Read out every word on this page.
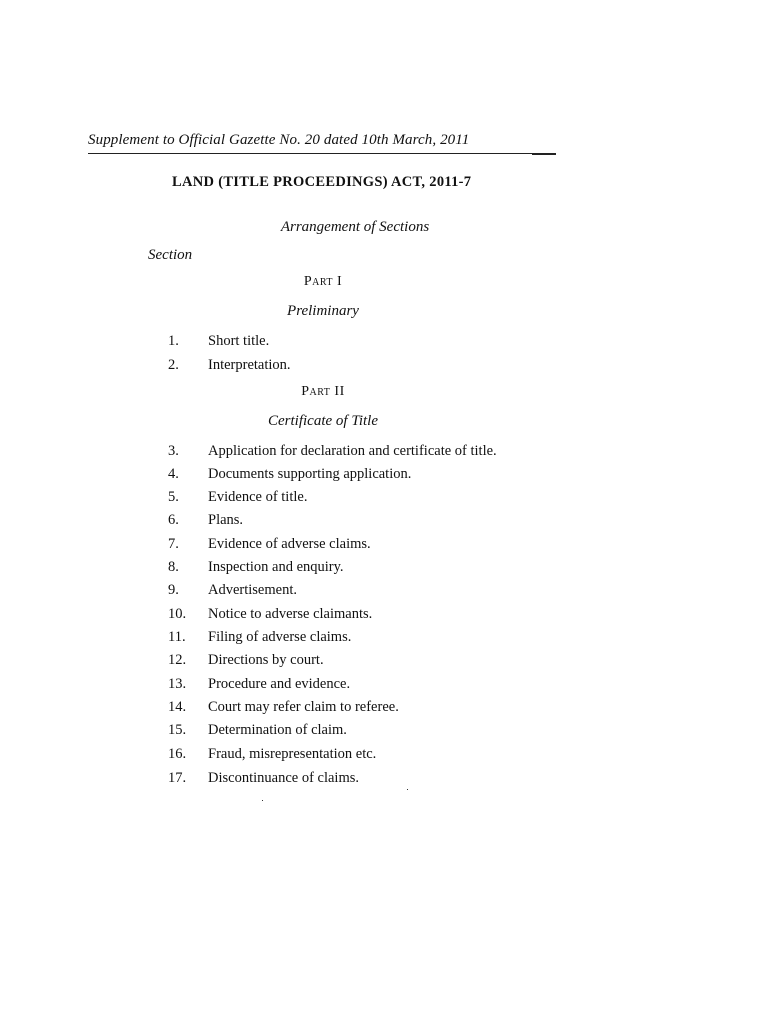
Supplement to Official Gazette No. 20 dated 10th March, 2011
LAND (TITLE PROCEEDINGS) ACT, 2011-7
Arrangement of Sections
Section
Part I
Preliminary
1. Short title.
2. Interpretation.
Part II
Certificate of Title
3. Application for declaration and certificate of title.
4. Documents supporting application.
5. Evidence of title.
6. Plans.
7. Evidence of adverse claims.
8. Inspection and enquiry.
9. Advertisement.
10. Notice to adverse claimants.
11. Filing of adverse claims.
12. Directions by court.
13. Procedure and evidence.
14. Court may refer claim to referee.
15. Determination of claim.
16. Fraud, misrepresentation etc.
17. Discontinuance of claims.
